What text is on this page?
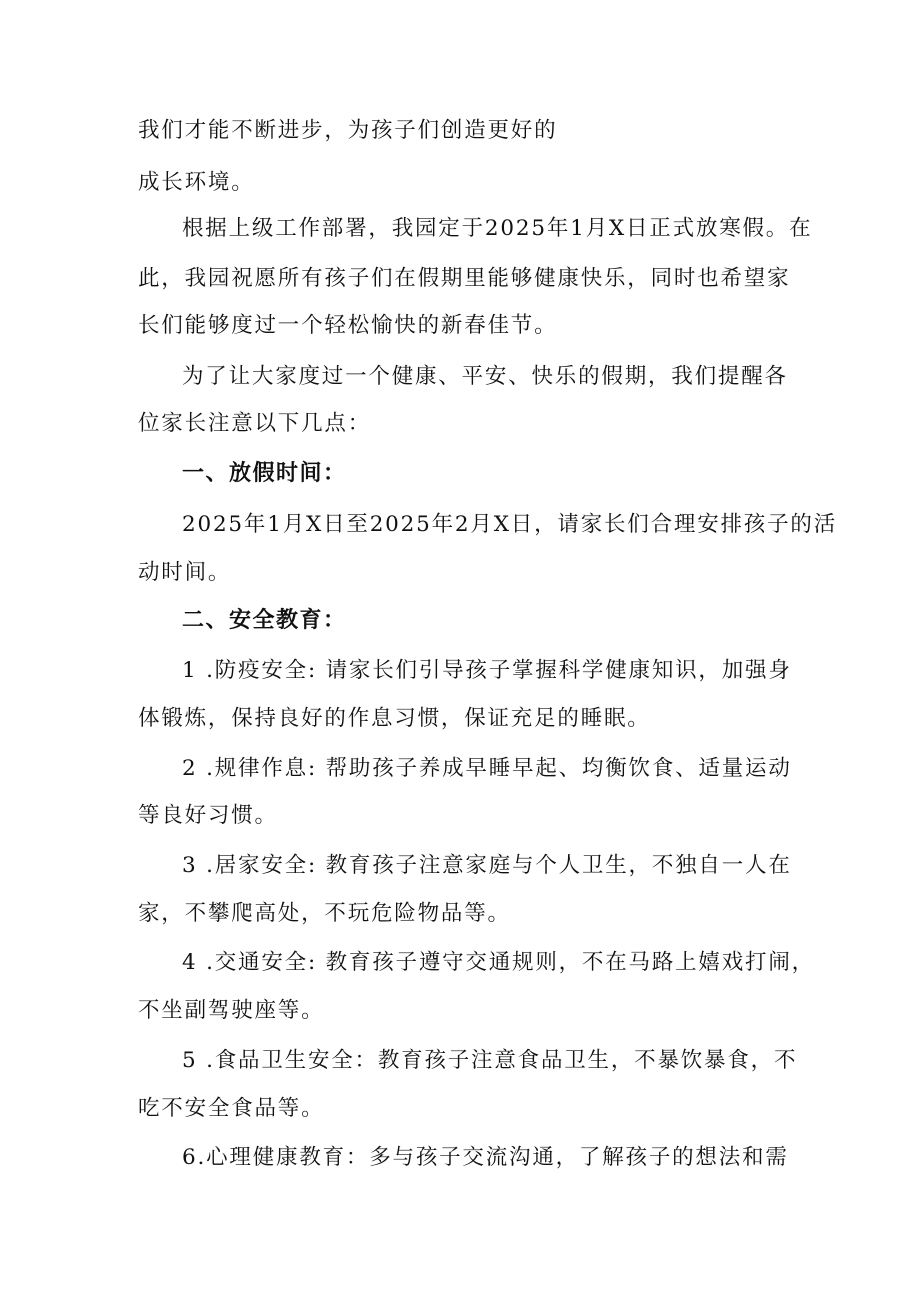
我们才能不断进步，为孩子们创造更好的
成长环境。
根据上级工作部署，我园定于2025年1月X日正式放寒假。在
此，我园祝愿所有孩子们在假期里能够健康快乐，同时也希望家
长们能够度过一个轻松愉快的新春佳节。
为了让大家度过一个健康、平安、快乐的假期，我们提醒各
位家长注意以下几点：
一、放假时间：
2025年1月X日至2025年2月X日，请家长们合理安排孩子的活
动时间。
二、安全教育：
1 .防疫安全: 请家长们引导孩子掌握科学健康知识，加强身
体锻炼，保持良好的作息习惯，保证充足的睡眠。
2 .规律作息: 帮助孩子养成早睡早起、均衡饮食、适量运动
等良好习惯。
3 .居家安全: 教育孩子注意家庭与个人卫生，不独自一人在
家，不攀爬高处，不玩危险物品等。
4 .交通安全: 教育孩子遵守交通规则，不在马路上嬉戏打闹，
不坐副驾驶座等。
5 .食品卫生安全：教育孩子注意食品卫生，不暴饮暴食，不
吃不安全食品等。
6.心理健康教育：多与孩子交流沟通，了解孩子的想法和需
